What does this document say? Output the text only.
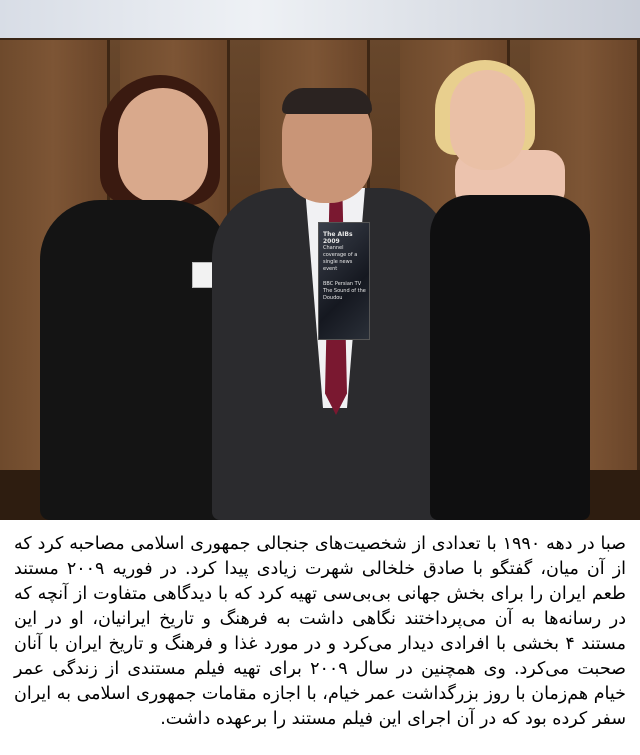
The AIBs 2009
Channel coverage of a
single news event
BBC Persian TV
The Sound of the Doudou
صبا در دهه ۱۹۹۰ با تعدادی از شخصیت‌های جنجالی جمهوری اسلامی مصاحبه کرد که از آن میان، گفتگو با صادق خلخالی شهرت زیادی پیدا کرد. در فوریه ۲۰۰۹ مستند طعم ایران را برای بخش جهانی بی‌بی‌سی تهیه کرد که با دیدگاهی متفاوت از آنچه که در رسانه‌ها به آن می‌پرداختند نگاهی داشت به فرهنگ و تاریخ ایرانیان، او در این مستند ۴ بخشی با افرادی دیدار می‌کرد و در مورد غذا و فرهنگ و تاریخ ایران با آنان صحبت می‌کرد. وی همچنین در سال ۲۰۰۹ برای تهیه فیلم مستندی از زندگی عمر خیام هم‌زمان با روز بزرگداشت عمر خیام، با اجازه مقامات جمهوری اسلامی به ایران سفر کرده بود که در آن اجرای این فیلم مستند را برعهده داشت.
